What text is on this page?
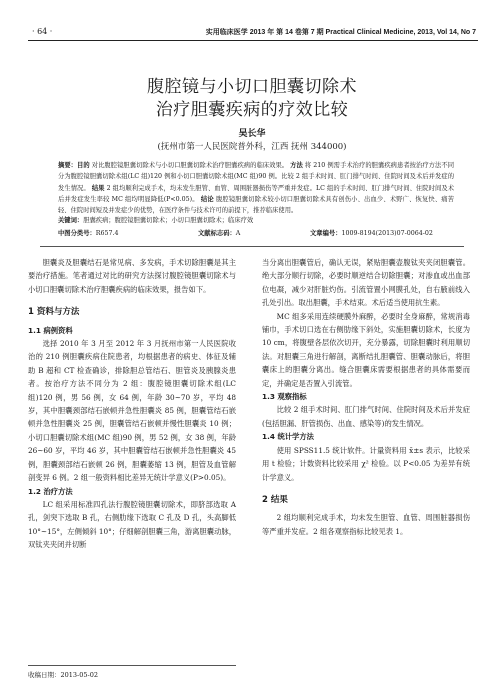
· 64 ·	实用临床医学 2013 年 第 14 卷第 7 期 Practical Clinical Medicine, 2013, Vol 14, No 7
腹腔镜与小切口胆囊切除术
治疗胆囊疾病的疗效比较
吴长华
(抚州市第一人民医院普外科，江西 抚州 344000)
摘要：目的 对比腹腔镜胆囊切除术与小切口胆囊切除术治疗胆囊疾病的临床效果。 方法 将 210 例需手术治疗的胆囊疾病患者按治疗方法不同分为腹腔镜胆囊切除术组(LC 组)120 例和小切口胆囊切除术组(MC 组)90 例。比较 2 组手术时间、肛门排气时间、住院时间及术后并发症的发生情况。 结果 2 组均顺利完成手术，均未发生胆管、血管、周围脏器损伤等严重并发症。LC 组的手术时间、肛门排气时间、住院时间及术后并发症发生率较 MC 组均明显降低(P<0.05)。 结论 腹腔镜胆囊切除术较小切口胆囊切除术具有创伤小、出血少、术野广、恢复快、痛苦轻、住院时间短及并发症少的优势，在医疗条件与技术许可的前提下，推荐临床使用。
关键词：胆囊疾病；腹腔镜胆囊切除术；小切口胆囊切除术；临床疗效
中图分类号：R657.4	文献标志码：A	文章编号：1009-8194(2013)07-0064-02

胆囊炎及胆囊结石是常见病、多发病，手术切除胆囊是其主要治疗措施。笔者通过对比的研究方法探讨腹腔镜胆囊切除术与小切口胆囊切除术治疗胆囊疾病的临床效果，报告如下。

1 资料与方法

1.1 病例资料

选择 2010 年 3 月至 2012 年 3 月抚州市第一人民医院收治的 210 例胆囊疾病住院患者，均根据患者的病史、体征及辅助 B 超和 CT 检查确诊，排除胆总管结石、胆管炎及胰腺炎患者。按治疗方法不同分为 2 组：腹腔镜胆囊切除术组(LC 组)120 例，男 56 例，女 64 例，年龄 30~70 岁，平均 48 岁，其中胆囊颈部结石嵌顿并急性胆囊炎 85 例，胆囊管结石嵌顿并急性胆囊炎 25 例，胆囊管结石嵌顿并慢性胆囊炎 10 例；小切口胆囊切除术组(MC 组)90 例，男 52 例，女 38 例，年龄 26~60 岁，平均 46 岁，其中胆囊管结石嵌顿并急性胆囊炎 45 例，胆囊颈部结石嵌顿 26 例，胆囊萎缩 13 例，胆管及血管解剖变异 6 例。2 组一般资料相比差异无统计学意义(P>0.05)。

1.2 治疗方法

LC 组采用标准四孔法行腹腔镜胆囊切除术，即脐部选取 A 孔，剑突下选取 B 孔，右侧肋缘下选取 C 孔及 D 孔，头高脚低 10°~15°，左侧倾斜 10°；仔细解剖胆囊三角，游离胆囊动脉，双钛夹夹闭并切断

当分离出胆囊管后，确认无误，紧贴胆囊壶腹钛夹夹闭胆囊管。绝大部分顺行切除，必要时顺逆结合切除胆囊；对渗血或出血部位电凝，减少对肝脏灼伤。引流管置小网膜孔处，自右腋前线入孔处引出。取出胆囊，手术结束。术后适当使用抗生素。

MC 组多采用连续硬膜外麻醉，必要时全身麻醉，常规消毒铺巾，手术切口选在右侧肋缘下斜处，实施胆囊切除术，长度为 10 cm，将腹壁各层依次切开，充分暴露，切除胆囊时利用顺切法。对胆囊三角进行解剖，离断结扎胆囊管、胆囊动脉后，将胆囊床上的胆囊分离出。缝合胆囊床需要根据患者的具体需要而定，并确定是否置入引流管。

1.3 观察指标

比较 2 组手术时间、肛门排气时间、住院时间及术后并发症(包括胆漏、肝管损伤、出血、感染等)的发生情况。

1.4 统计学方法

使用 SPSS11.5 统计软件。计量资料用 x̄±s 表示，比较采用 t 检验；计数资料比较采用 χ² 检验。以 P<0.05 为差异有统计学意义。

2 结果

2 组均顺利完成手术，均未发生胆管、血管、周围脏器损伤等严重并发症。2 组各观察指标比较见表 1。

收稿日期：2013-05-02
